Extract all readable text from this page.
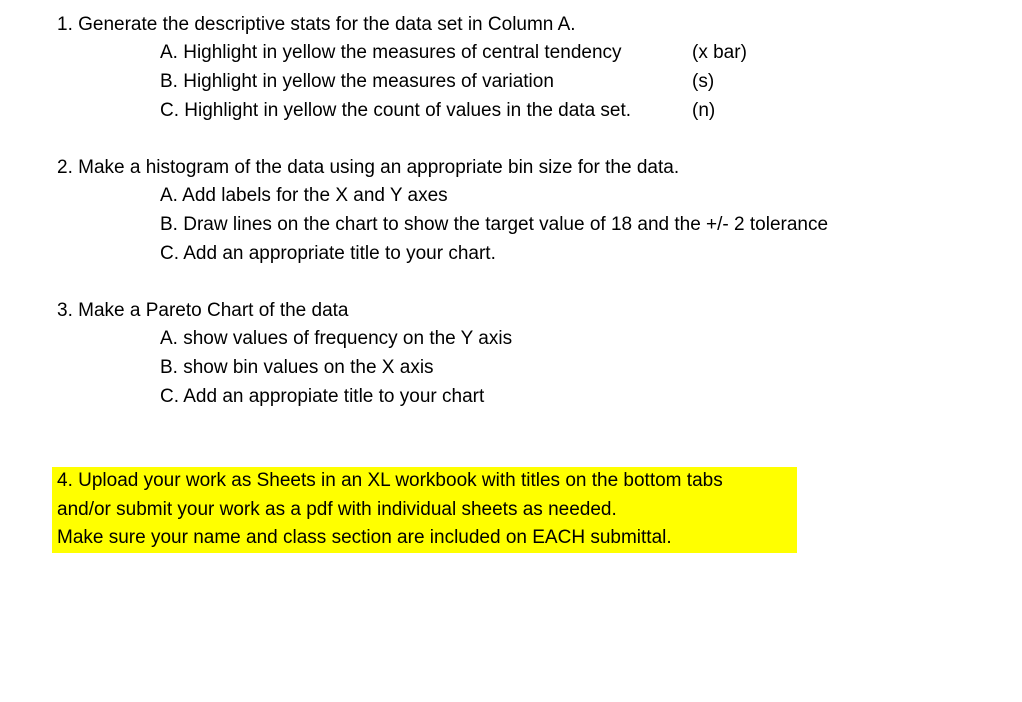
1. Generate the descriptive stats for the data set in Column A.
A. Highlight in yellow the measures of central tendency	(x bar)
B. Highlight in yellow the measures of variation	(s)
C. Highlight in yellow the count of values in the data set.	(n)
2. Make a histogram of the data using an appropriate bin size for the data.
A. Add labels for the X and Y axes
B. Draw lines on the chart to show the target value of 18 and the +/- 2 tolerance
C. Add an appropriate title to your chart.
3. Make a Pareto Chart of the data
A. show values of frequency on the Y axis
B. show bin values on the X axis
C. Add an appropiate title to your chart
4. Upload your work as Sheets in an XL workbook with titles on the bottom tabs
and/or submit your work as a pdf with individual sheets as needed.
Make sure your name and class section are included on EACH submittal.
